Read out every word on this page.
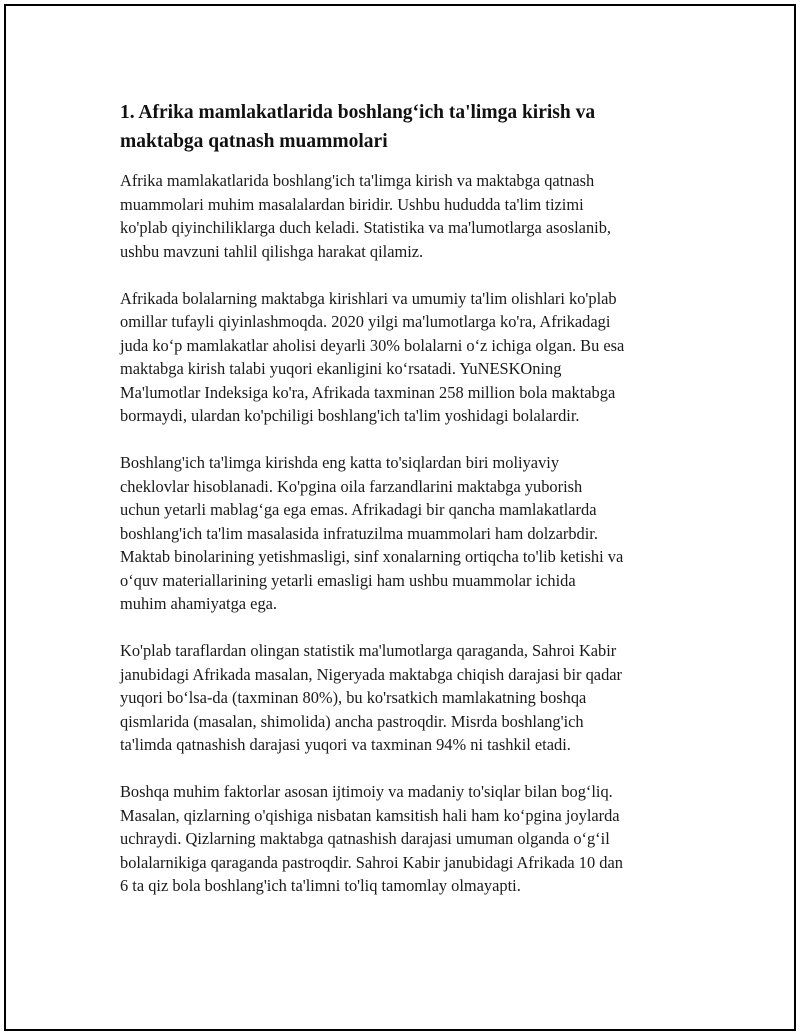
1. Afrika mamlakatlarida boshlang‘ich ta'limga kirish va
maktabga qatnash muammolari

Afrika mamlakatlarida boshlang'ich ta'limga kirish va maktabga qatnash
muammolari muhim masalalardan biridir. Ushbu hududda ta'lim tizimi
ko'plab qiyinchiliklarga duch keladi. Statistika va ma'lumotlarga asoslanib,
ushbu mavzuni tahlil qilishga harakat qilamiz.

Afrikada bolalarning maktabga kirishlari va umumiy ta'lim olishlari ko'plab
omillar tufayli qiyinlashmoqda. 2020 yilgi ma'lumotlarga ko'ra, Afrikadagi
juda ko‘p mamlakatlar aholisi deyarli 30% bolalarni o‘z ichiga olgan. Bu esa
maktabga kirish talabi yuqori ekanligini ko‘rsatadi. YuNESKOning
Ma'lumotlar Indeksiga ko'ra, Afrikada taxminan 258 million bola maktabga
bormaydi, ulardan ko'pchiligi boshlang'ich ta'lim yoshidagi bolalardir.

Boshlang'ich ta'limga kirishda eng katta to'siqlardan biri moliyaviy
cheklovlar hisoblanadi. Ko'pgina oila farzandlarini maktabga yuborish
uchun yetarli mablag‘ga ega emas. Afrikadagi bir qancha mamlakatlarda
boshlang'ich ta'lim masalasida infratuzilma muammolari ham dolzarbdir.
Maktab binolarining yetishmasligi, sinf xonalarning ortiqcha to'lib ketishi va
o‘quv materiallarining yetarli emasligi ham ushbu muammolar ichida
muhim ahamiyatga ega.

Ko'plab taraflardan olingan statistik ma'lumotlarga qaraganda, Sahroi Kabir
janubidagi Afrikada masalan, Nigeryada maktabga chiqish darajasi bir qadar
yuqori bo‘lsa-da (taxminan 80%), bu ko'rsatkich mamlakatning boshqa
qismlarida (masalan, shimolida) ancha pastroqdir. Misrda boshlang'ich
ta'limda qatnashish darajasi yuqori va taxminan 94% ni tashkil etadi.

Boshqa muhim faktorlar asosan ijtimoiy va madaniy to'siqlar bilan bog‘liq.
Masalan, qizlarning o'qishiga nisbatan kamsitish hali ham ko‘pgina joylarda
uchraydi. Qizlarning maktabga qatnashish darajasi umuman olganda o‘g‘il
bolalarnikiga qaraganda pastroqdir. Sahroi Kabir janubidagi Afrikada 10 dan
6 ta qiz bola boshlang'ich ta'limni to'liq tamomlay olmayapti.
